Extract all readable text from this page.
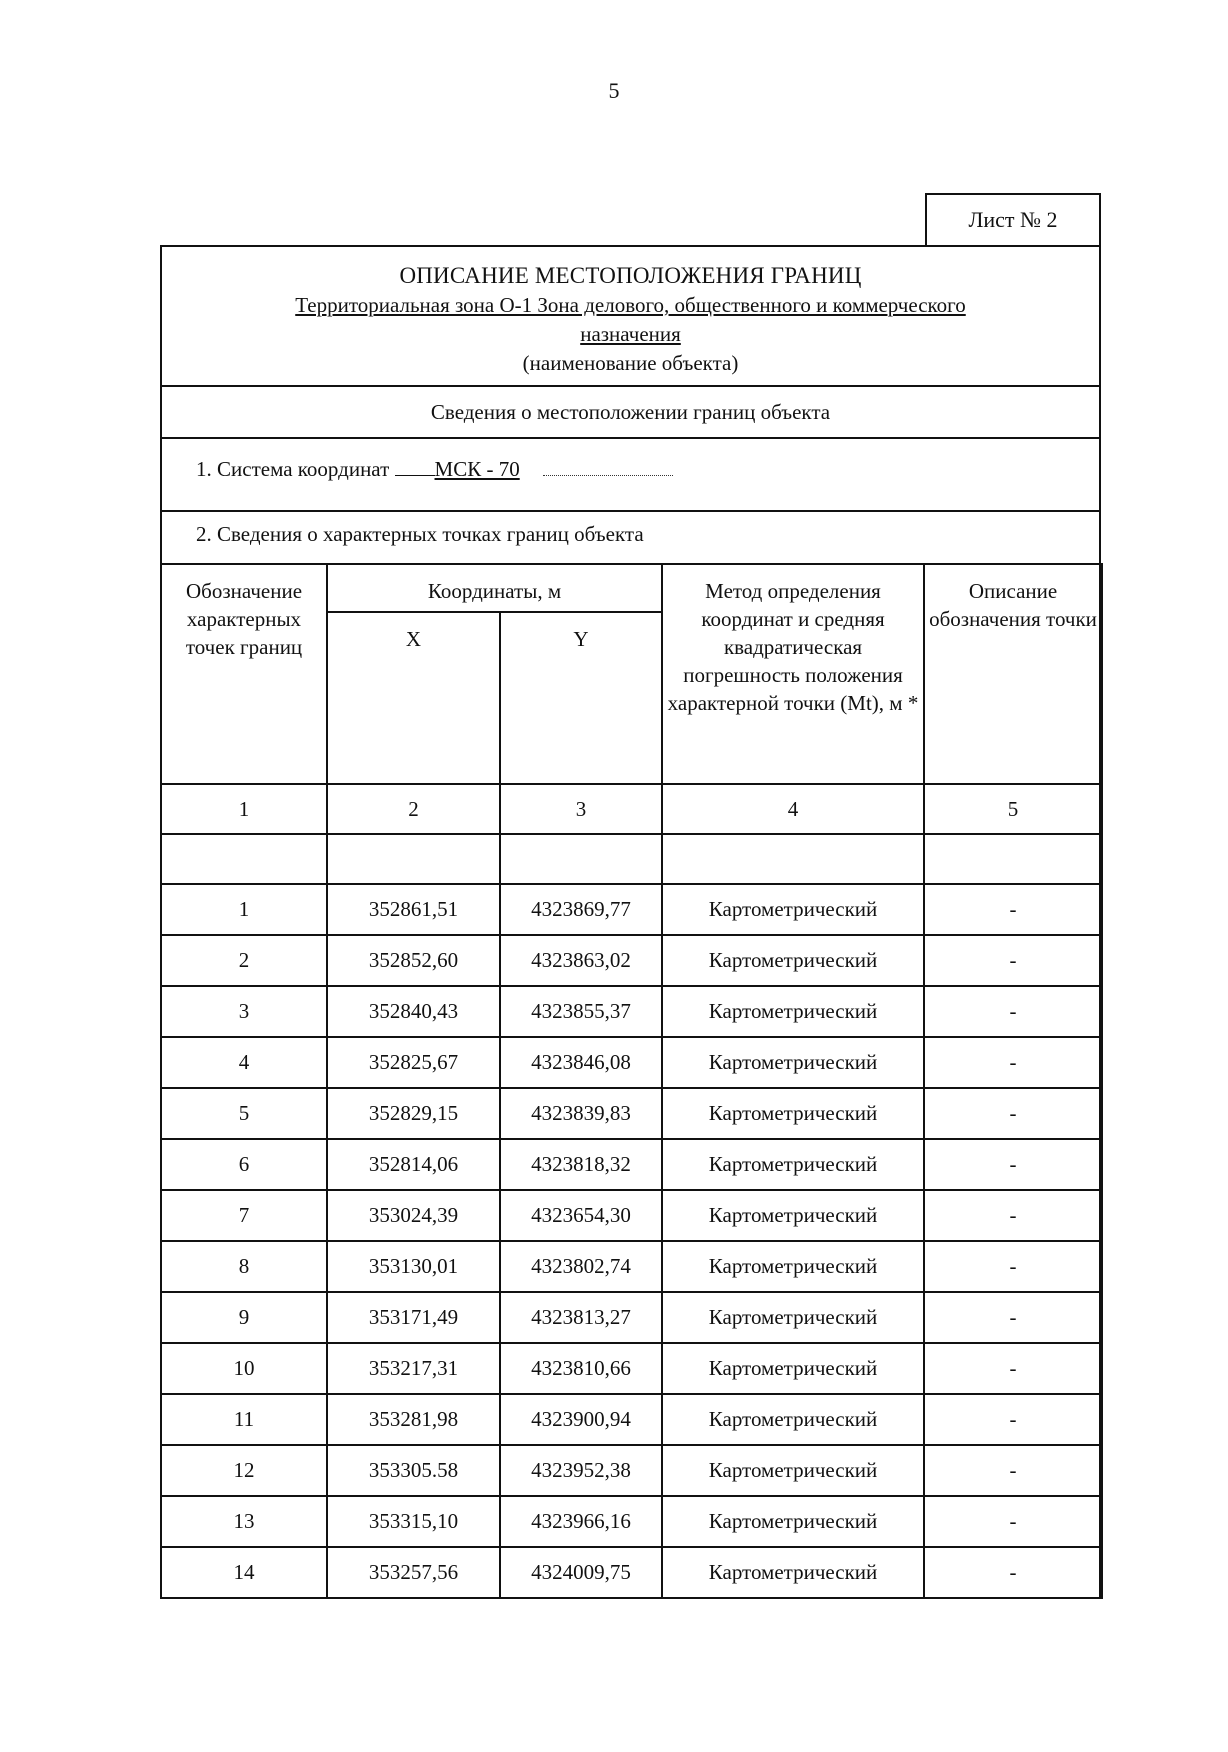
5
Лист № 2
ОПИСАНИЕ МЕСТОПОЛОЖЕНИЯ ГРАНИЦ
Территориальная зона О-1 Зона делового, общественного и коммерческого
назначения
(наименование объекта)
Сведения о местоположении границ объекта
1. Система координат МСК - 70
2. Сведения о характерных точках границ объекта
Обозначение характерных точек границ	Координаты, м		Метод определения координат и средняя квадратическая погрешность положения характерной точки (Mt), м *	Описание обозначения точки
	X	Y		
1	2	3	4	5

1	352861,51	4323869,77	Картометрический	-
2	352852,60	4323863,02	Картометрический	-
3	352840,43	4323855,37	Картометрический	-
4	352825,67	4323846,08	Картометрический	-
5	352829,15	4323839,83	Картометрический	-
6	352814,06	4323818,32	Картометрический	-
7	353024,39	4323654,30	Картометрический	-
8	353130,01	4323802,74	Картометрический	-
9	353171,49	4323813,27	Картометрический	-
10	353217,31	4323810,66	Картометрический	-
11	353281,98	4323900,94	Картометрический	-
12	353305.58	4323952,38	Картометрический	-
13	353315,10	4323966,16	Картометрический	-
14	353257,56	4324009,75	Картометрический	-
